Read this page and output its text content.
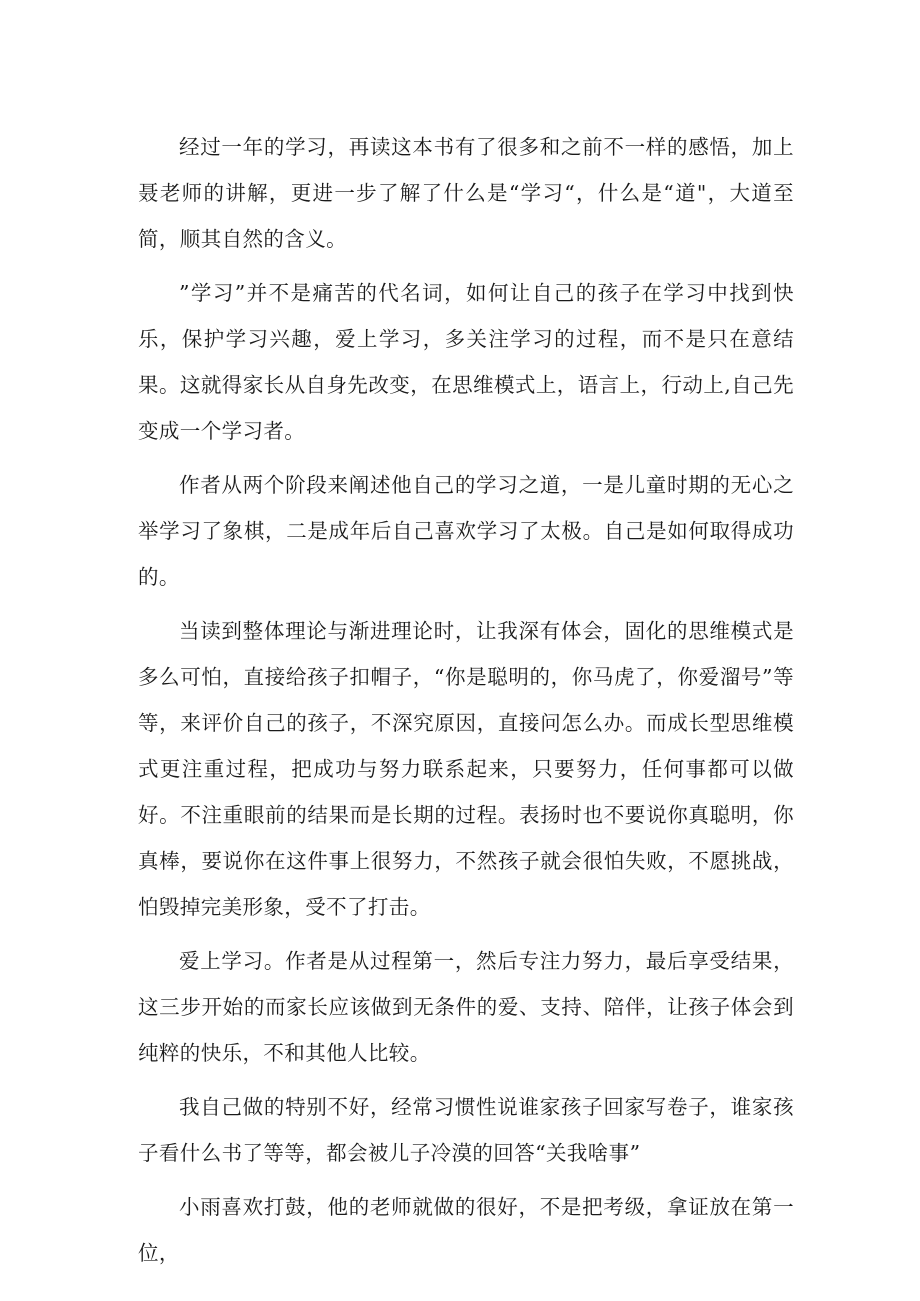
经过一年的学习，再读这本书有了很多和之前不一样的感悟，加上聂老师的讲解，更进一步了解了什么是“学习“，什么是“道"，大道至简，顺其自然的含义。

”学习”并不是痛苦的代名词，如何让自己的孩子在学习中找到快乐，保护学习兴趣，爱上学习，多关注学习的过程，而不是只在意结果。这就得家长从自身先改变，在思维模式上，语言上，行动上,自己先变成一个学习者。

作者从两个阶段来阐述他自己的学习之道，一是儿童时期的无心之举学习了象棋，二是成年后自己喜欢学习了太极。自己是如何取得成功的。

当读到整体理论与渐进理论时，让我深有体会，固化的思维模式是多么可怕，直接给孩子扣帽子，“你是聪明的，你马虎了，你爱溜号”等等，来评价自己的孩子，不深究原因，直接问怎么办。而成长型思维模式更注重过程，把成功与努力联系起来，只要努力，任何事都可以做好。不注重眼前的结果而是长期的过程。表扬时也不要说你真聪明，你真棒，要说你在这件事上很努力，不然孩子就会很怕失败，不愿挑战，怕毁掉完美形象，受不了打击。

爱上学习。作者是从过程第一，然后专注力努力，最后享受结果，这三步开始的而家长应该做到无条件的爱、支持、陪伴，让孩子体会到纯粹的快乐，不和其他人比较。

我自己做的特别不好，经常习惯性说谁家孩子回家写卷子，谁家孩子看什么书了等等，都会被儿子冷漠的回答“关我啥事”

小雨喜欢打鼓，他的老师就做的很好，不是把考级，拿证放在第一位，
